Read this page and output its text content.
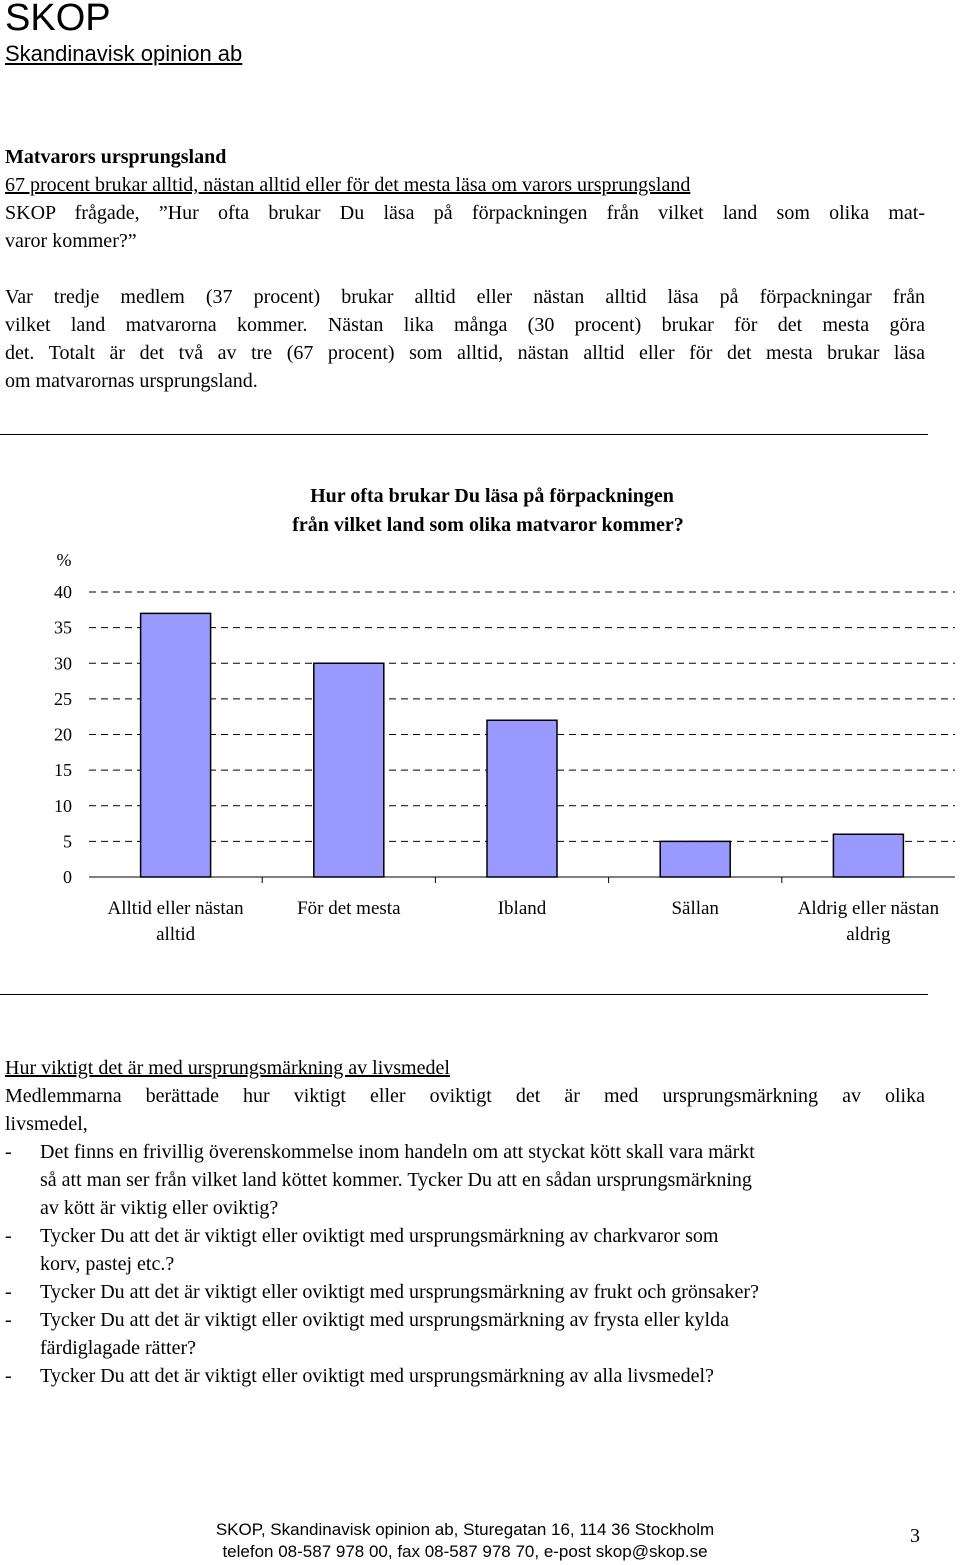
SKOP
Skandinavisk opinion ab
Matvarors ursprungsland
67 procent brukar alltid, nästan alltid eller för det mesta läsa om varors ursprungsland
SKOP frågade, ”Hur ofta brukar Du läsa på förpackningen från vilket land som olika mat-
varor kommer?”
Var tredje medlem (37 procent) brukar alltid eller nästan alltid läsa på förpackningar från
vilket land matvarorna kommer. Nästan lika många (30 procent) brukar för det mesta göra
det. Totalt är det två av tre (67 procent) som alltid, nästan alltid eller för det mesta brukar läsa
om matvarornas ursprungsland.
Hur ofta brukar Du läsa på förpackningen
från vilket land som olika matvaror kommer?
%
0
5
10
15
20
25
30
35
40
Alltid eller nästan
alltid
För det mesta	Ibland	Sällan	Aldrig eller nästan
aldrig
Hur viktigt det är med ursprungsmärkning av livsmedel
Medlemmarna berättade hur viktigt eller oviktigt det är med ursprungsmärkning av olika
livsmedel,
-	Det finns en frivillig överenskommelse inom handeln om att styckat kött skall vara märkt
så att man ser från vilket land köttet kommer. Tycker Du att en sådan ursprungsmärkning
av kött är viktig eller oviktig?
-	Tycker Du att det är viktigt eller oviktigt med ursprungsmärkning av charkvaror som
korv, pastej etc.?
-	Tycker Du att det är viktigt eller oviktigt med ursprungsmärkning av frukt och grönsaker?
-	Tycker Du att det är viktigt eller oviktigt med ursprungsmärkning av frysta eller kylda
färdiglagade rätter?
-	Tycker Du att det är viktigt eller oviktigt med ursprungsmärkning av alla livsmedel?
SKOP, Skandinavisk opinion ab, Sturegatan 16, 114 36 Stockholm
telefon 08-587 978 00, fax 08-587 978 70, e-post skop@skop.se
3
